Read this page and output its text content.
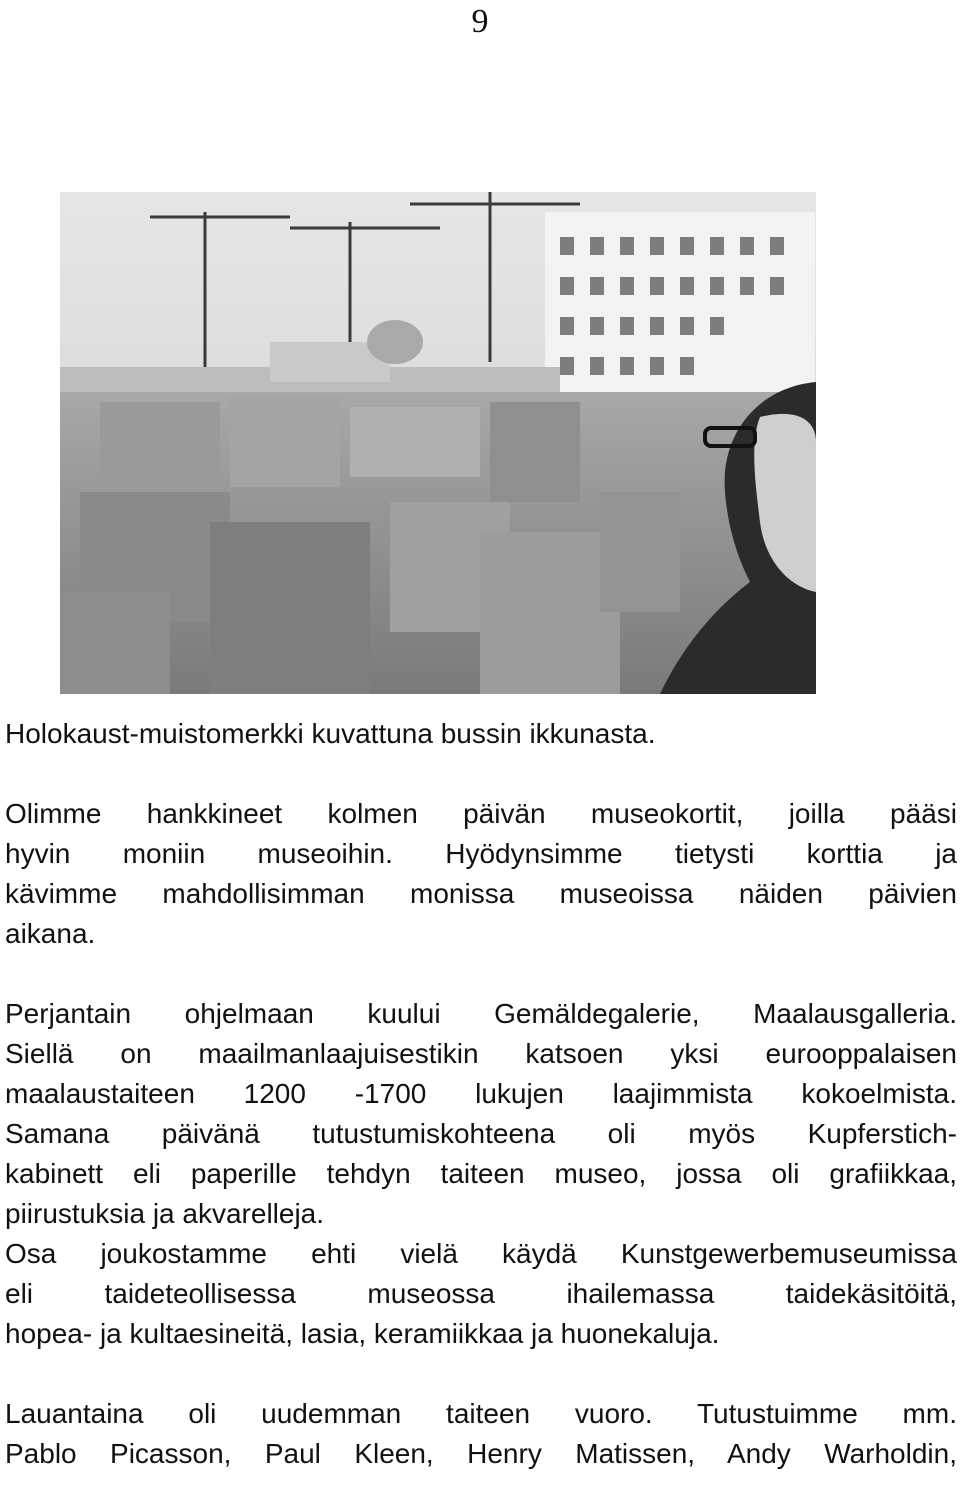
9
Holokaust-muistomerkki kuvattuna bussin ikkunasta.
Olimme hankkineet kolmen päivän museokortit, joilla pääsi
hyvin moniin museoihin. Hyödynsimme tietysti korttia ja
kävimme mahdollisimman monissa museoissa näiden päivien
aikana.
Perjantain ohjelmaan kuului Gemäldegalerie, Maalausgalleria.
Siellä on maailmanlaajuisestikin katsoen yksi eurooppalaisen
maalaustaiteen 1200 -1700 lukujen laajimmista kokoelmista.
Samana päivänä tutustumiskohteena oli myös Kupferstich-
kabinett eli paperille tehdyn taiteen museo, jossa oli grafiikkaa,
piirustuksia ja akvarelleja.
Osa joukostamme ehti vielä käydä Kunstgewerbemuseumissa
eli taideteollisessa museossa ihailemassa taidekäsitöitä,
hopea- ja kultaesineitä, lasia, keramiikkaa ja huonekaluja.
Lauantaina oli uudemman taiteen vuoro. Tutustuimme mm.
Pablo Picasson, Paul Kleen, Henry Matissen, Andy Warholdin,
